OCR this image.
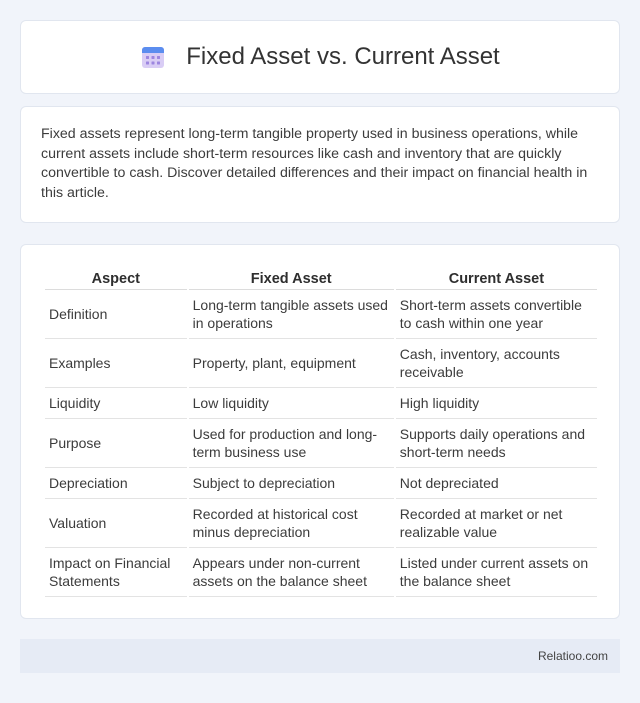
Fixed Asset vs. Current Asset

Fixed assets represent long-term tangible property used in business operations, while current assets include short-term resources like cash and inventory that are quickly convertible to cash. Discover detailed differences and their impact on financial health in this article.

Aspect	Fixed Asset	Current Asset
Definition	Long-term tangible assets used in operations	Short-term assets convertible to cash within one year
Examples	Property, plant, equipment	Cash, inventory, accounts receivable
Liquidity	Low liquidity	High liquidity
Purpose	Used for production and long-term business use	Supports daily operations and short-term needs
Depreciation	Subject to depreciation	Not depreciated
Valuation	Recorded at historical cost minus depreciation	Recorded at market or net realizable value
Impact on Financial Statements	Appears under non-current assets on the balance sheet	Listed under current assets on the balance sheet
Relatioo.com
